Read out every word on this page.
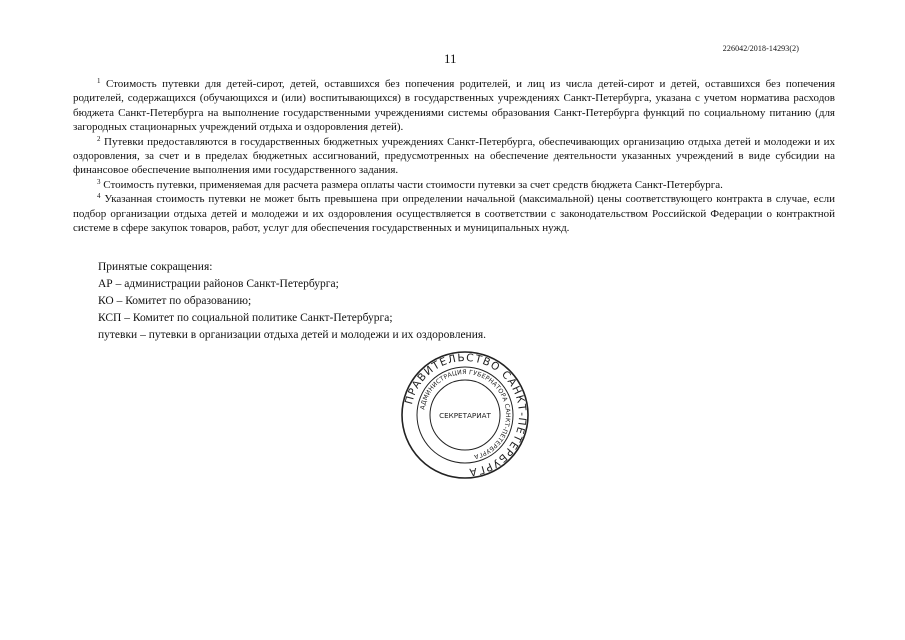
11
226042/2018-14293(2)

$^1$ Стоимость путевки для детей-сирот, детей, оставшихся без попечения родителей, и лиц из числа детей-сирот и детей, оставшихся без попечения родителей, содержащихся (обучающихся и (или) воспитывающихся) в государственных учреждениях Санкт-Петербурга, указана с учетом норматива расходов бюджета Санкт-Петербурга на выполнение государственными учреждениями системы образования Санкт-Петербурга функций по социальному питанию (для загородных стационарных учреждений отдыха и оздоровления детей).

$^2$ Путевки предоставляются в государственных бюджетных учреждениях Санкт-Петербурга, обеспечивающих организацию отдыха детей и молодежи и их оздоровления, за счет и в пределах бюджетных ассигнований, предусмотренных на обеспечение деятельности указанных учреждений в виде субсидии на финансовое обеспечение выполнения ими государственного задания.

$^3$ Стоимость путевки, применяемая для расчета размера оплаты части стоимости путевки за счет средств бюджета Санкт-Петербурга.

$^4$ Указанная стоимость путевки не может быть превышена при определении начальной (максимальной) цены соответствующего контракта в случае, если подбор организации отдыха детей и молодежи и их оздоровления осуществляется в соответствии с законодательством Российской Федерации о контрактной системе в сфере закупок товаров, работ, услуг для обеспечения государственных и муниципальных нужд.

Принятые сокращения:
АР – администрации районов Санкт-Петербурга;
КО – Комитет по образованию;
КСП – Комитет по социальной политике Санкт-Петербурга;
путевки – путевки в организации отдыха детей и молодежи и их оздоровления.
ПРАВИТЕЛЬСТВО САНКТ-ПЕТЕРБУРГА
АДМИНИСТРАЦИЯ ГУБЕРНАТОРА САНКТ-ПЕТЕРБУРГА
СЕКРЕТАРИАТ
